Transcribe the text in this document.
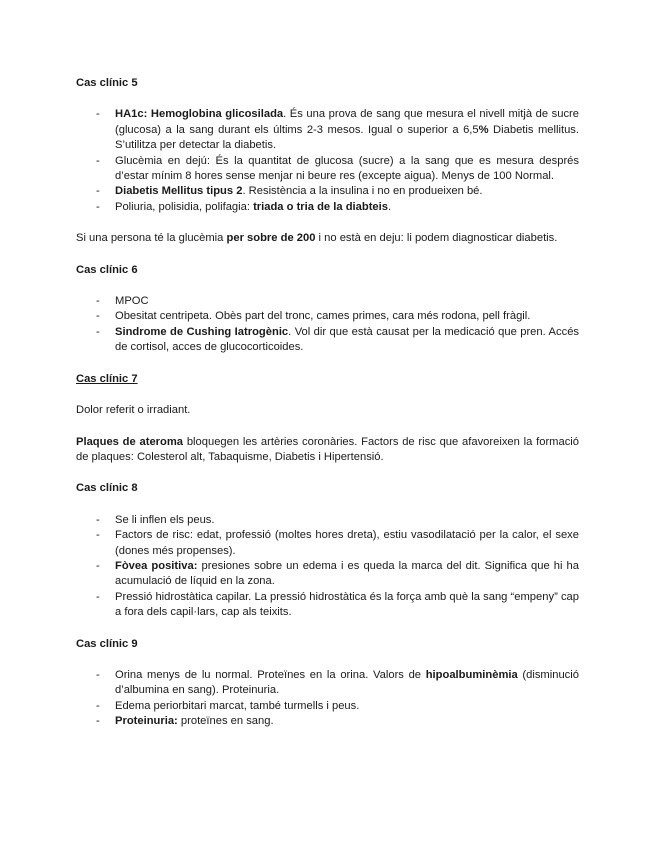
Cas clínic 5
- HA1c: Hemoglobina glicosilada. És una prova de sang que mesura el nivell mitjà de sucre (glucosa) a la sang durant els últims 2-3 mesos. Igual o superior a 6,5% Diabetis mellitus. S’utilitza per detectar la diabetis.
- Glucèmia en dejú: És la quantitat de glucosa (sucre) a la sang que es mesura després d’estar mínim 8 hores sense menjar ni beure res (excepte aigua). Menys de 100 Normal.
- Diabetis Mellitus tipus 2. Resistència a la insulina i no en produeixen bé.
- Poliuria, polisidia, polifagia: triada o tria de la diabteis.

Si una persona té la glucèmia per sobre de 200 i no està en deju: li podem diagnosticar diabetis.

Cas clínic 6
- MPOC
- Obesitat centripeta. Obès part del tronc, cames primes, cara més rodona, pell fràgil.
- Sindrome de Cushing Iatrogènic. Vol dir que està causat per la medicació que pren. Accés de cortisol, acces de glucocorticoides.
Cas clínic 7

Dolor referit o irradiant.

Plaques de ateroma bloquegen les artèries coronàries. Factors de risc que afavoreixen la formació de plaques: Colesterol alt, Tabaquisme, Diabetis i Hipertensió.

Cas clínic 8
- Se li inflen els peus.
- Factors de risc: edat, professió (moltes hores dreta), estiu vasodilatació per la calor, el sexe (dones més propenses).
- Fòvea positiva: presiones sobre un edema i es queda la marca del dit. Significa que hi ha acumulació de líquid en la zona.
- Pressió hidrostàtica capilar. La pressió hidrostàtica és la força amb què la sang “empeny” cap a fora dels capil·lars, cap als teixits.
Cas clínic 9
- Orina menys de lu normal. Proteïnes en la orina. Valors de hipoalbuminèmia (disminució d’albumina en sang). Proteinuria.
- Edema periorbitari marcat, també turmells i peus.
- Proteinuria: proteïnes en sang.
